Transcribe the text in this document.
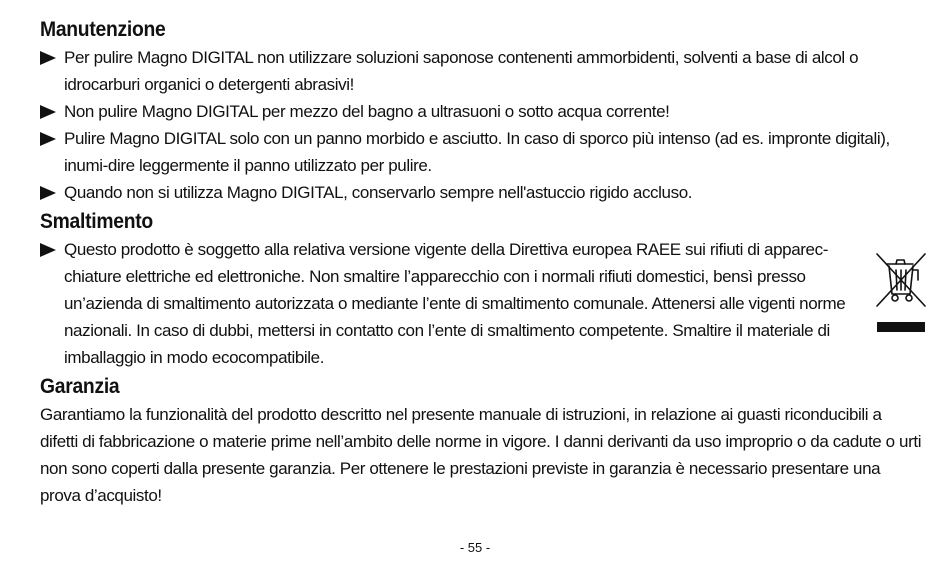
Manutenzione
Per pulire Magno DIGITAL non utilizzare soluzioni saponose contenenti ammorbidenti, solventi a base di alcol o idrocarburi organici o detergenti abrasivi!
Non pulire Magno DIGITAL per mezzo del bagno a ultrasuoni o sotto acqua corrente!
Pulire Magno DIGITAL solo con un panno morbido e asciutto. In caso di sporco più intenso (ad es. impronte digitali), inumi-dire leggermente il panno utilizzato per pulire.
Quando non si utilizza Magno DIGITAL, conservarlo sempre nell'astuccio rigido accluso.
Smaltimento
Questo prodotto è soggetto alla relativa versione vigente della Direttiva europea RAEE sui rifiuti di apparec-chiature elettriche ed elettroniche. Non smaltire l’apparecchio con i normali rifiuti domestici, bensì presso un’azienda di smaltimento autorizzata o mediante l’ente di smaltimento comunale. Attenersi alle vigenti norme nazionali. In caso di dubbi, mettersi in contatto con l’ente di smaltimento competente. Smaltire il materiale di imballaggio in modo ecocompatibile.
Garanzia

Garantiamo la funzionalità del prodotto descritto nel presente manuale di istruzioni, in relazione ai guasti riconducibili a difetti di fabbricazione o materie prime nell’ambito delle norme in vigore. I danni derivanti da uso improprio o da cadute o urti non sono coperti dalla presente garanzia. Per ottenere le prestazioni previste in garanzia è necessario presentare una prova d’acquisto!

- 55 -
